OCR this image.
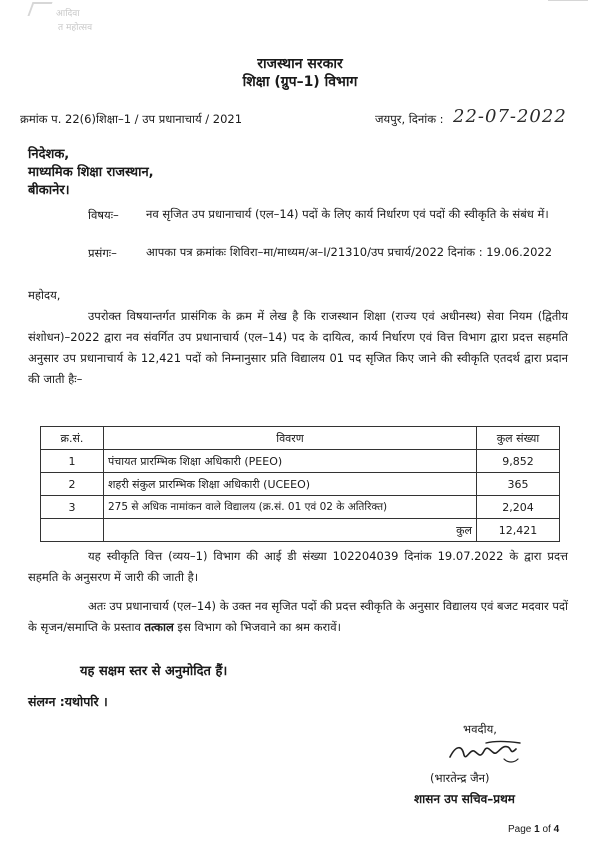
आदिवा
त महोत्सव
राजस्थान सरकार
शिक्षा (ग्रुप–1) विभाग
क्रमांक प. 22(6)शिक्षा–1 / उप प्रधानाचार्य / 2021	जयपुर, दिनांक : 22-07-2022
निदेशक,
माध्यमिक शिक्षा राजस्थान,
बीकानेर।
विषयः– नव सृजित उप प्रधानाचार्य (एल–14) पदों के लिए कार्य निर्धारण एवं पदों की स्वीकृति के संबंध में।
प्रसंगः–	आपका पत्र क्रमांकः शिविरा–मा/माध्यम/अ–I/21310/उप प्रचार्य/2022 दिनांक : 19.06.2022
महोदय,
उपरोक्त विषयान्तर्गत प्रासंगिक के क्रम में लेख है कि राजस्थान शिक्षा (राज्य एवं अधीनस्थ) सेवा नियम (द्वितीय संशोधन)–2022 द्वारा नव संवर्गित उप प्रधानाचार्य (एल–14) पद के दायित्व, कार्य निर्धारण एवं वित्त विभाग द्वारा प्रदत्त सहमति अनुसार उप प्रधानाचार्य के 12,421 पदों को निम्नानुसार प्रति विद्यालय 01 पद सृजित किए जाने की स्वीकृति एतदर्थ द्वारा प्रदान की जाती हैः–
क्र.सं.	विवरण	कुल संख्या
1	पंचायत प्रारम्भिक शिक्षा अधिकारी (PEEO)	9,852
2	शहरी संकुल प्रारम्भिक शिक्षा अधिकारी (UCEEO)	365
3	275 से अधिक नामांकन वाले विद्यालय (क्र.सं. 01 एवं 02 के अतिरिक्त)	2,204
	कुल	12,421
यह स्वीकृति वित्त (व्यय–1) विभाग की आई डी संख्या 102204039 दिनांक 19.07.2022 के द्वारा प्रदत्त सहमति के अनुसरण में जारी की जाती है।
अतः उप प्रधानाचार्य (एल–14) के उक्त नव सृजित पदों की प्रदत्त स्वीकृति के अनुसार विद्यालय एवं बजट मदवार पदों के सृजन/समाप्ति के प्रस्ताव तत्काल इस विभाग को भिजवाने का श्रम करावें।
यह सक्षम स्तर से अनुमोदित हैं।
संलग्न :यथोपरि ।
भवदीय,
(भारतेन्द्र जैन)
शासन उप सचिव–प्रथम
Page 1 of 4
